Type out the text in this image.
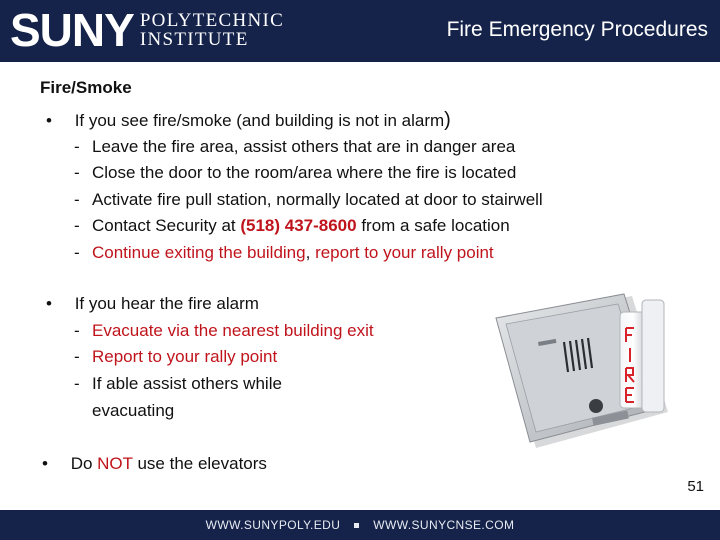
SUNY POLYTECHNIC
INSTITUTE	Fire Emergency Procedures
Fire/Smoke
• If you see fire/smoke (and building is not in alarm)
- Leave the fire area, assist others that are in danger area
- Close the door to the room/area where the fire is located
- Activate fire pull station, normally located at door to stairwell
- Contact Security at (518) 437-8600 from a safe location
- Continue exiting the building, report to your rally point
• If you hear the fire alarm
- Evacuate via the nearest building exit
- Report to your rally point
- If able assist others while
evacuating
• Do NOT use the elevators
51
WWW.SUNYPOLY.EDU	WWW.SUNYCNSE.COM
